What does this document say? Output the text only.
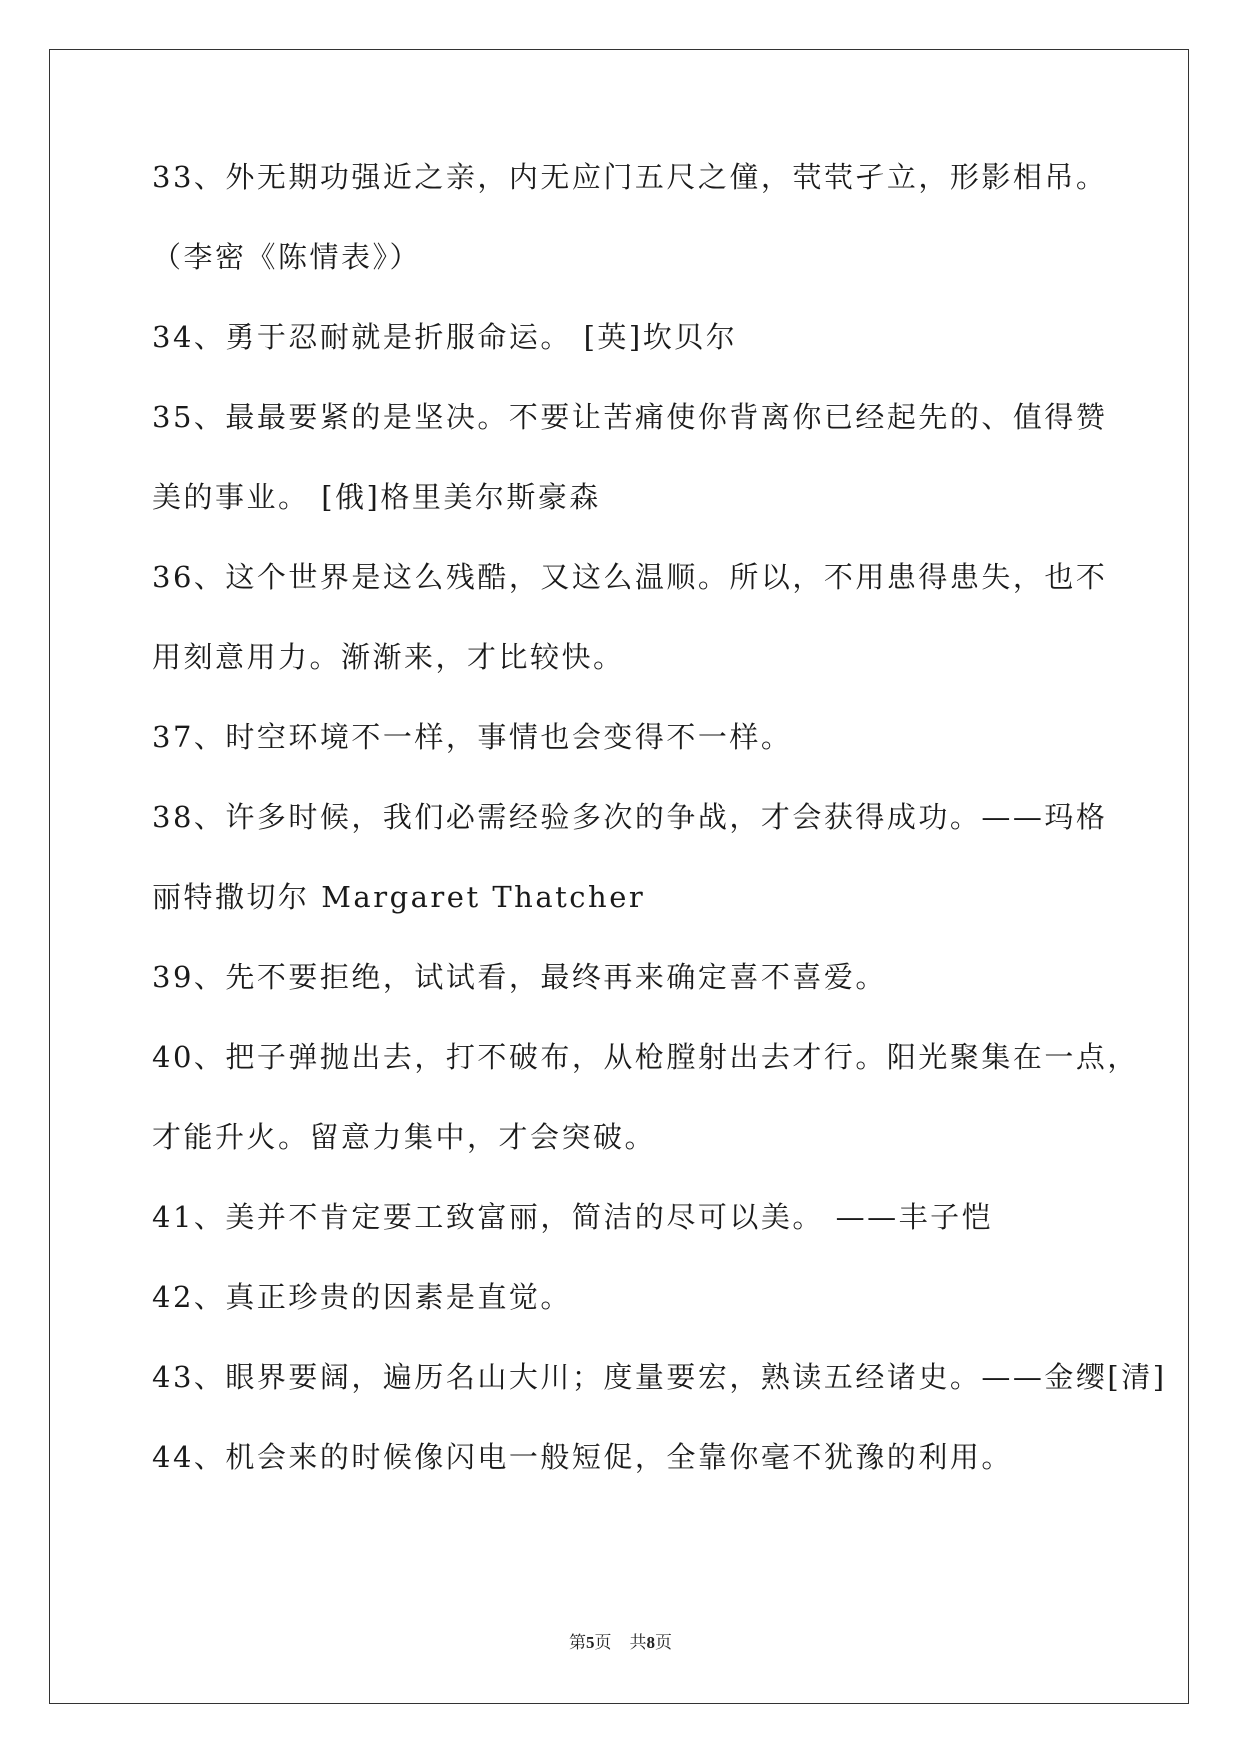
33、外无期功强近之亲，内无应门五尺之僮，茕茕孑立，形影相吊。
（李密《陈情表》）
34、勇于忍耐就是折服命运。 [英]坎贝尔
35、最最要紧的是坚决。不要让苦痛使你背离你已经起先的、值得赞
美的事业。 [俄]格里美尔斯豪森
36、这个世界是这么残酷，又这么温顺。所以，不用患得患失，也不
用刻意用力。渐渐来，才比较快。
37、时空环境不一样，事情也会变得不一样。
38、许多时候，我们必需经验多次的争战，才会获得成功。——玛格
丽特撒切尔 Margaret Thatcher
39、先不要拒绝，试试看，最终再来确定喜不喜爱。
40、把子弹抛出去，打不破布，从枪膛射出去才行。阳光聚集在一点，
才能升火。留意力集中，才会突破。
41、美并不肯定要工致富丽，简洁的尽可以美。 ——丰子恺
42、真正珍贵的因素是直觉。
43、眼界要阔，遍历名山大川；度量要宏，熟读五经诸史。——金缨[清]
44、机会来的时候像闪电一般短促，全靠你毫不犹豫的利用。
第5页 共8页
